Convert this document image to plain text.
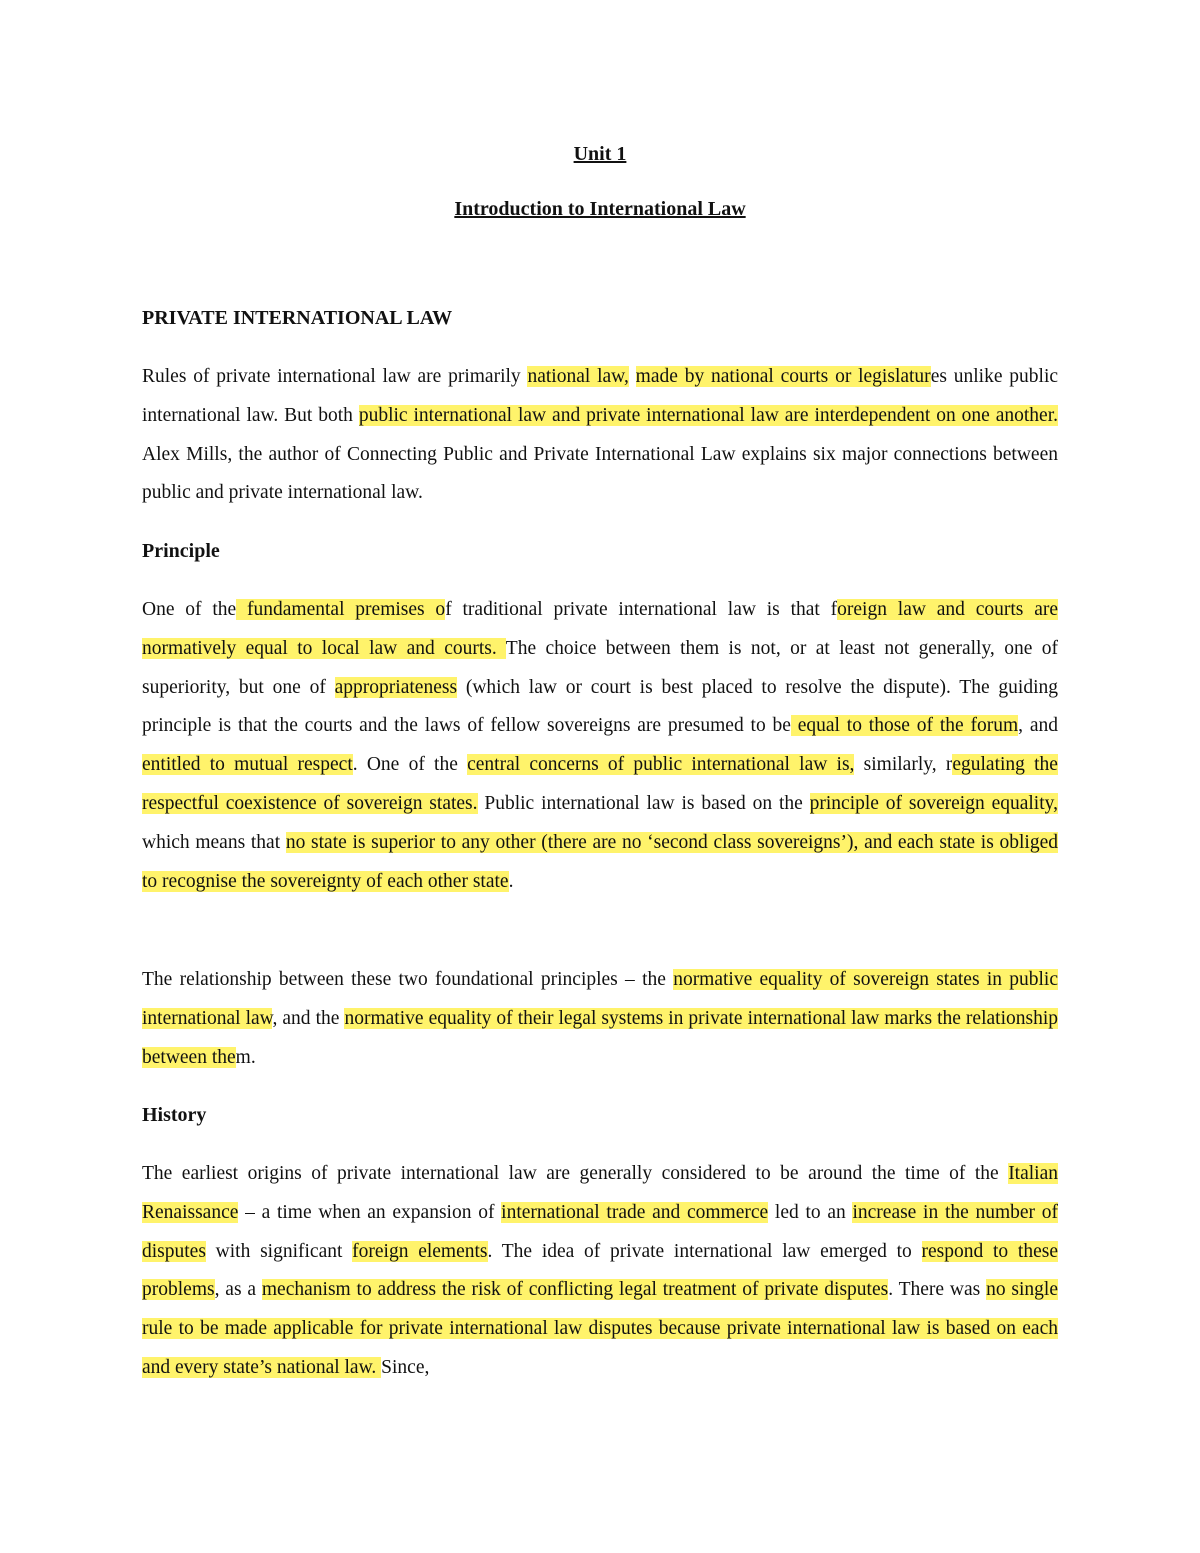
Unit 1

Introduction to International Law

PRIVATE INTERNATIONAL LAW

Rules of private international law are primarily national law, made by national courts or legislatures unlike public international law. But both public international law and private international law are interdependent on one another. Alex Mills, the author of Connecting Public and Private International Law explains six major connections between public and private international law.

Principle

One of the fundamental premises of traditional private international law is that foreign law and courts are normatively equal to local law and courts. The choice between them is not, or at least not generally, one of superiority, but one of appropriateness (which law or court is best placed to resolve the dispute). The guiding principle is that the courts and the laws of fellow sovereigns are presumed to be equal to those of the forum, and entitled to mutual respect. One of the central concerns of public international law is, similarly, regulating the respectful coexistence of sovereign states. Public international law is based on the principle of sovereign equality, which means that no state is superior to any other (there are no ‘second class sovereigns’), and each state is obliged to recognise the sovereignty of each other state.

The relationship between these two foundational principles – the normative equality of sovereign states in public international law, and the normative equality of their legal systems in private international law marks the relationship between them.

History

The earliest origins of private international law are generally considered to be around the time of the Italian Renaissance – a time when an expansion of international trade and commerce led to an increase in the number of disputes with significant foreign elements. The idea of private international law emerged to respond to these problems, as a mechanism to address the risk of conflicting legal treatment of private disputes. There was no single rule to be made applicable for private international law disputes because private international law is based on each and every state’s national law. Since,
